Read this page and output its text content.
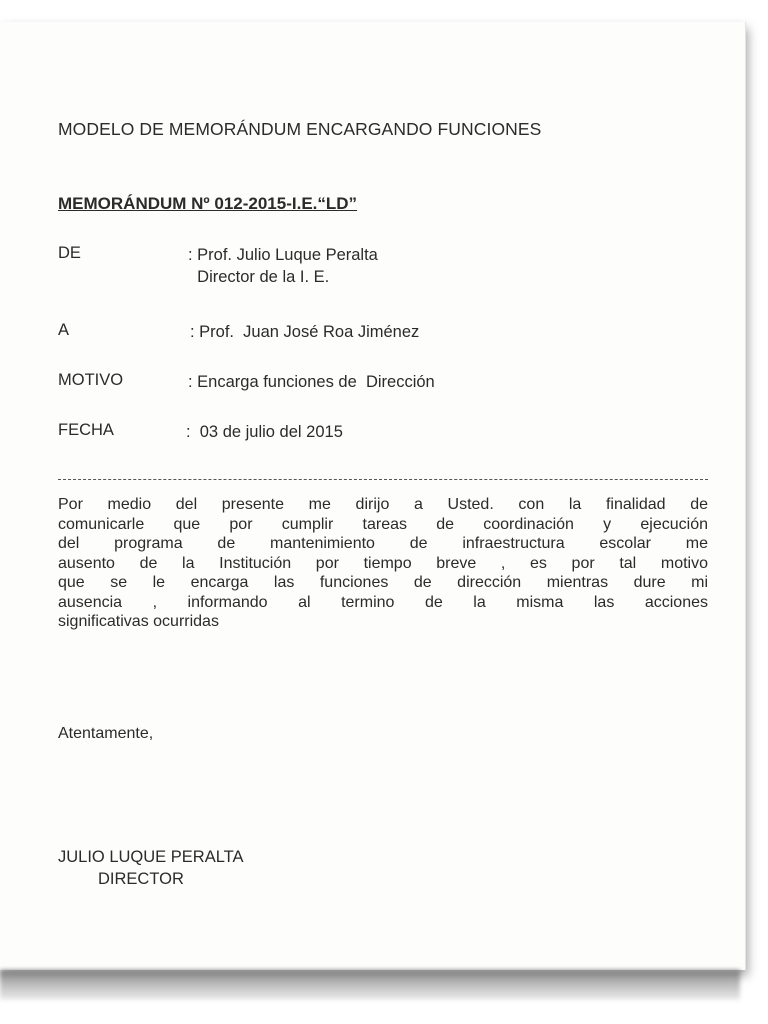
MODELO DE MEMORÁNDUM ENCARGANDO FUNCIONES
MEMORÁNDUM Nº 012-2015-I.E.“LD”
DE	: Prof. Julio Luque Peralta
Director de la I. E.
A	: Prof.  Juan José Roa Jiménez
MOTIVO	: Encarga funciones de  Dirección
FECHA	:  03 de julio del 2015
Por medio del presente me dirijo a Usted. con la finalidad de
comunicarle que por cumplir tareas de coordinación y ejecución
del programa de mantenimiento de infraestructura escolar me
ausento de la Institución por tiempo breve , es por tal motivo
que se le encarga las funciones de dirección mientras dure mi
ausencia , informando al termino de la misma las acciones
significativas ocurridas
Atentamente,
JULIO LUQUE PERALTA
DIRECTOR
